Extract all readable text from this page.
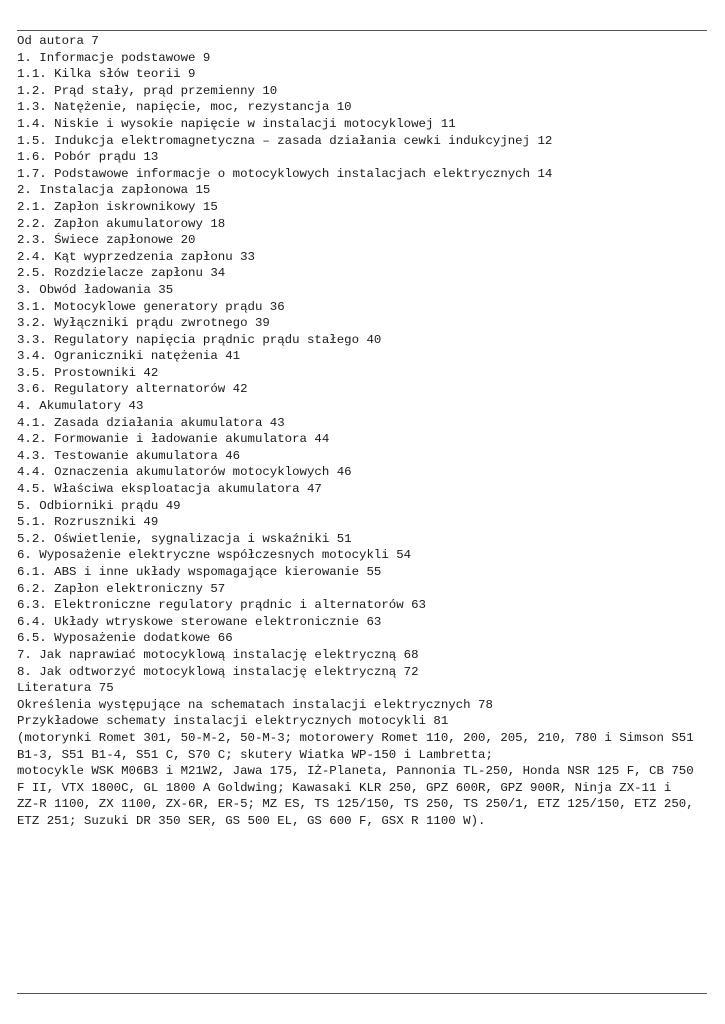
Od autora 7
1. Informacje podstawowe 9
1.1. Kilka słów teorii 9
1.2. Prąd stały, prąd przemienny 10
1.3. Natężenie, napięcie, moc, rezystancja 10
1.4. Niskie i wysokie napięcie w instalacji motocyklowej 11
1.5. Indukcja elektromagnetyczna – zasada działania cewki indukcyjnej 12
1.6. Pobór prądu 13
1.7. Podstawowe informacje o motocyklowych instalacjach elektrycznych 14
2. Instalacja zapłonowa 15
2.1. Zapłon iskrownikowy 15
2.2. Zapłon akumulatorowy 18
2.3. Świece zapłonowe 20
2.4. Kąt wyprzedzenia zapłonu 33
2.5. Rozdzielacze zapłonu 34
3. Obwód ładowania 35
3.1. Motocyklowe generatory prądu 36
3.2. Wyłączniki prądu zwrotnego 39
3.3. Regulatory napięcia prądnic prądu stałego 40
3.4. Ograniczniki natężenia 41
3.5. Prostowniki 42
3.6. Regulatory alternatorów 42
4. Akumulatory 43
4.1. Zasada działania akumulatora 43
4.2. Formowanie i ładowanie akumulatora 44
4.3. Testowanie akumulatora 46
4.4. Oznaczenia akumulatorów motocyklowych 46
4.5. Właściwa eksploatacja akumulatora 47
5. Odbiorniki prądu 49
5.1. Rozruszniki 49
5.2. Oświetlenie, sygnalizacja i wskaźniki 51
6. Wyposażenie elektryczne współczesnych motocykli 54
6.1. ABS i inne układy wspomagające kierowanie 55
6.2. Zapłon elektroniczny 57
6.3. Elektroniczne regulatory prądnic i alternatorów 63
6.4. Układy wtryskowe sterowane elektronicznie 63
6.5. Wyposażenie dodatkowe 66
7. Jak naprawiać motocyklową instalację elektryczną 68
8. Jak odtworzyć motocyklową instalację elektryczną 72
Literatura 75
Określenia występujące na schematach instalacji elektrycznych 78
Przykładowe schematy instalacji elektrycznych motocykli 81
(motorynki Romet 301, 50-M-2, 50-M-3; motorowery Romet 110, 200, 205, 210, 780 i Simson S51
B1-3, S51 B1-4, S51 C, S70 C; skutery Wiatka WP-150 i Lambretta;
motocykle WSK M06B3 i M21W2, Jawa 175, IŻ-Planeta, Pannonia TL-250, Honda NSR 125 F, CB 750
F II, VTX 1800C, GL 1800 A Goldwing; Kawasaki KLR 250, GPZ 600R, GPZ 900R, Ninja ZX-11 i
ZZ-R 1100, ZX 1100, ZX-6R, ER-5; MZ ES, TS 125/150, TS 250, TS 250/1, ETZ 125/150, ETZ 250,
ETZ 251; Suzuki DR 350 SER, GS 500 EL, GS 600 F, GSX R 1100 W).
